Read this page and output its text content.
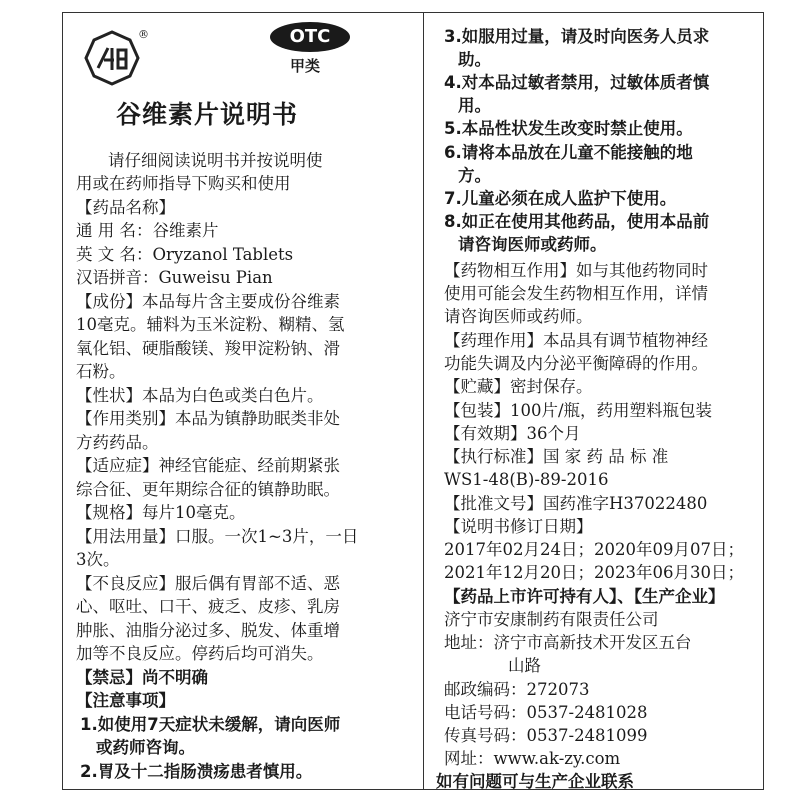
®	OTC
甲类
谷维素片说明书
请仔细阅读说明书并按说明使
用或在药师指导下购买和使用
【药品名称】
通 用 名：谷维素片
英 文 名：Oryzanol Tablets
汉语拼音：Guweisu Pian
【成份】本品每片含主要成份谷维素
10毫克。辅料为玉米淀粉、糊精、氢
氧化铝、硬脂酸镁、羧甲淀粉钠、滑
石粉。
【性状】本品为白色或类白色片。
【作用类别】本品为镇静助眠类非处
方药药品。
【适应症】神经官能症、经前期紧张
综合征、更年期综合征的镇静助眠。
【规格】每片10毫克。
【用法用量】口服。一次1~3片，一日
3次。
【不良反应】服后偶有胃部不适、恶
心、呕吐、口干、疲乏、皮疹、乳房
肿胀、油脂分泌过多、脱发、体重增
加等不良反应。停药后均可消失。
【禁忌】尚不明确
【注意事项】
1.如使用7天症状未缓解，请向医师
或药师咨询。
2.胃及十二指肠溃疡患者慎用。
3.如服用过量，请及时向医务人员求
助。
4.对本品过敏者禁用，过敏体质者慎
用。
5.本品性状发生改变时禁止使用。
6.请将本品放在儿童不能接触的地
方。
7.儿童必须在成人监护下使用。
8.如正在使用其他药品，使用本品前
请咨询医师或药师。
【药物相互作用】如与其他药物同时
使用可能会发生药物相互作用，详情
请咨询医师或药师。
【药理作用】本品具有调节植物神经
功能失调及内分泌平衡障碍的作用。
【贮藏】密封保存。
【包装】100片/瓶，药用塑料瓶包装
【有效期】36个月
【执行标准】国 家 药 品 标 准
WS1-48(B)-89-2016
【批准文号】国药准字H37022480
【说明书修订日期】
2017年02月24日；2020年09月07日；
2021年12月20日；2023年06月30日；
【药品上市许可持有人】、【生产企业】
济宁市安康制药有限责任公司
地址：济宁市高新技术开发区五台
山路
邮政编码：272073
电话号码：0537-2481028
传真号码：0537-2481099
网址：www.ak-zy.com
如有问题可与生产企业联系
